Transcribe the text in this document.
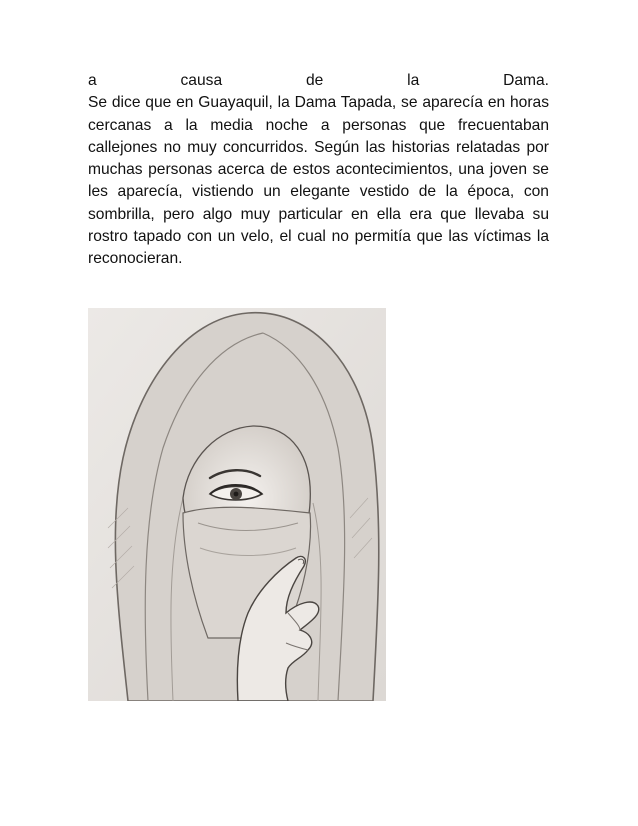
a	causa	de	la	Dama.

Se dice que en Guayaquil, la Dama Tapada, se aparecía en horas cercanas a la media noche a personas que frecuentaban callejones no muy concurridos. Según las historias relatadas por muchas personas acerca de estos acontecimientos, una joven se les aparecía, vistiendo un elegante vestido de la época, con sombrilla, pero algo muy particular en ella era que llevaba su rostro tapado con un velo, el cual no permitía que las víctimas la reconocieran.
